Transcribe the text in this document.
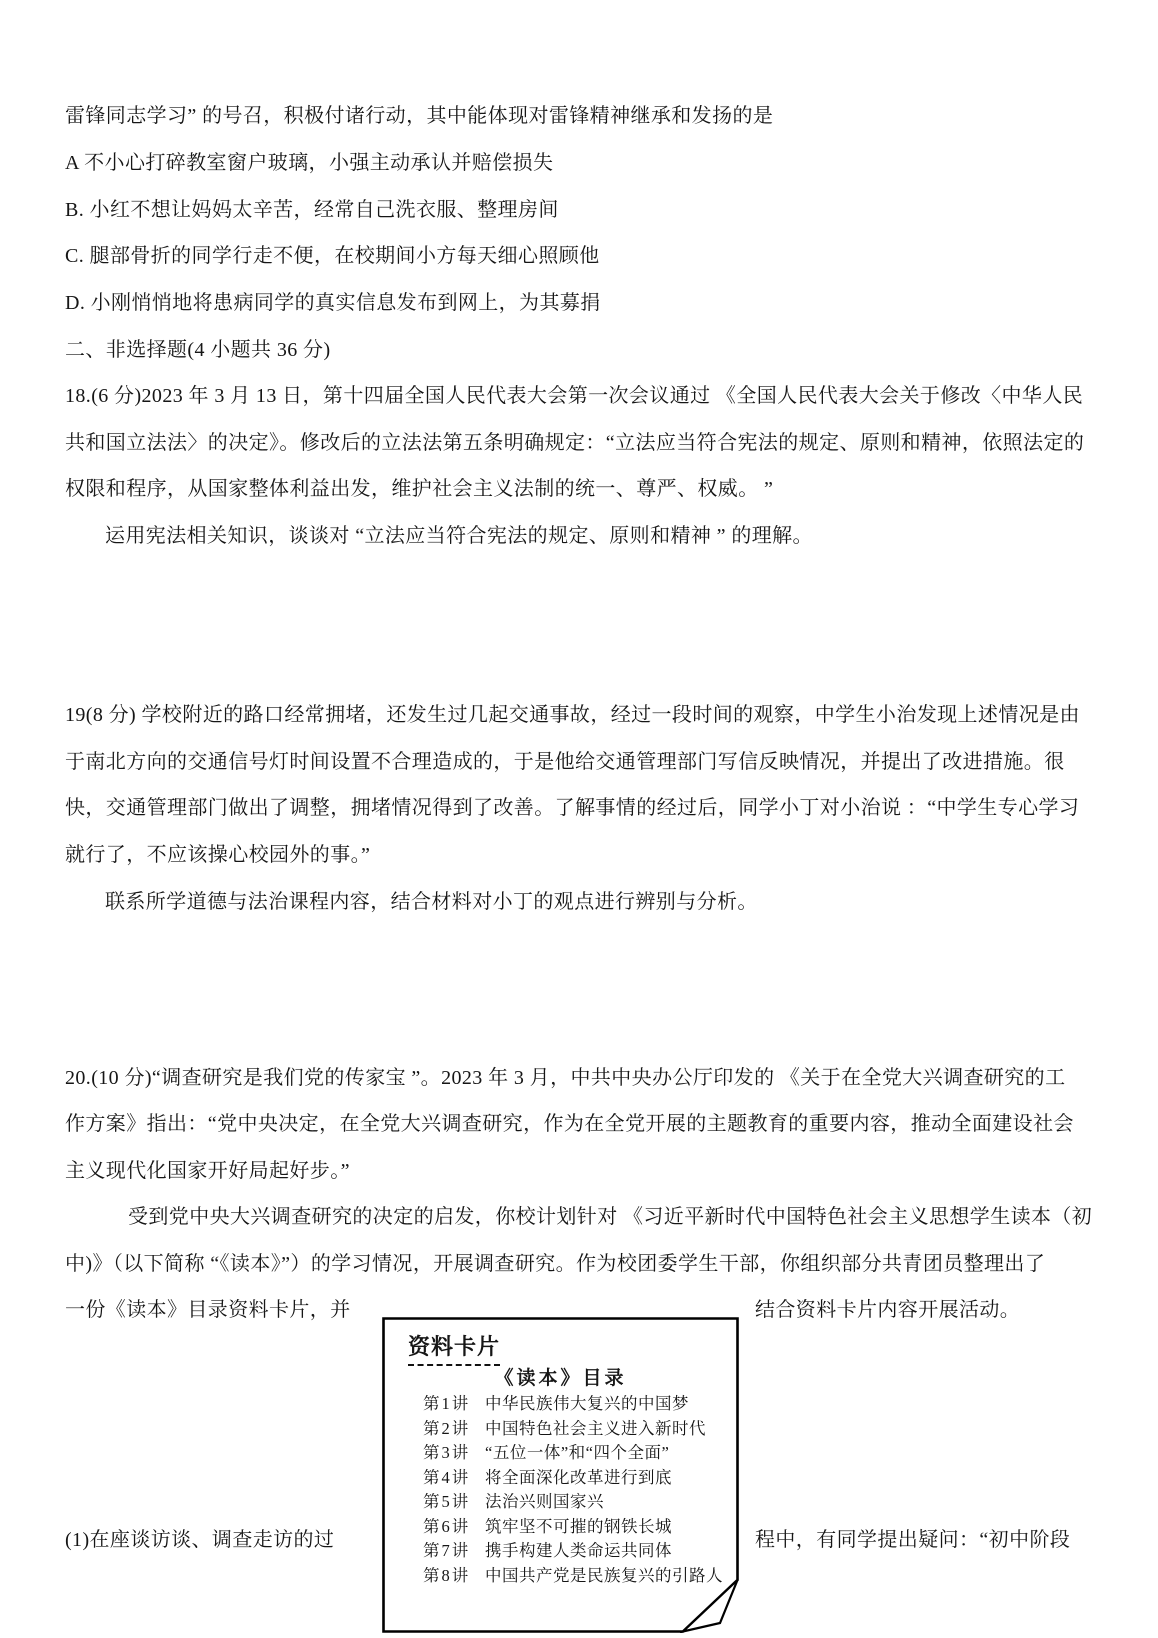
雷锋同志学习” 的号召，积极付诸行动，其中能体现对雷锋精神继承和发扬的是
A 不小心打碎教室窗户玻璃，小强主动承认并赔偿损失
B. 小红不想让妈妈太辛苦，经常自己洗衣服、整理房间
C. 腿部骨折的同学行走不便，在校期间小方每天细心照顾他
D. 小刚悄悄地将患病同学的真实信息发布到网上，为其募捐
二、非选择题(4 小题共 36 分)
18.(6 分)2023 年 3 月 13 日，第十四届全国人民代表大会第一次会议通过 《全国人民代表大会关于修改〈中华人民
共和国立法法〉的决定》。修改后的立法法第五条明确规定：“立法应当符合宪法的规定、原则和精神，依照法定的
权限和程序，从国家整体利益出发，维护社会主义法制的统一、尊严、权威。 ”
运用宪法相关知识，谈谈对 “立法应当符合宪法的规定、原则和精神 ” 的理解。
19(8 分) 学校附近的路口经常拥堵，还发生过几起交通事故，经过一段时间的观察，中学生小治发现上述情况是由
于南北方向的交通信号灯时间设置不合理造成的，于是他给交通管理部门写信反映情况，并提出了改进措施。很
快，交通管理部门做出了调整，拥堵情况得到了改善。了解事情的经过后，同学小丁对小治说 ：“中学生专心学习
就行了，不应该操心校园外的事。”
联系所学道德与法治课程内容，结合材料对小丁的观点进行辨别与分析。
20.(10 分)“调查研究是我们党的传家宝 ”。2023 年 3 月，中共中央办公厅印发的 《关于在全党大兴调查研究的工
作方案》指出：“党中央决定，在全党大兴调查研究，作为在全党开展的主题教育的重要内容，推动全面建设社会
主义现代化国家开好局起好步。”
受到党中央大兴调查研究的决定的启发，你校计划针对 《习近平新时代中国特色社会主义思想学生读本（初
中)》（以下简称 “《读本》”）的学习情况，开展调查研究。作为校团委学生干部，你组织部分共青团员整理出了
一份《读本》目录资料卡片，并	结合资料卡片内容开展活动。
(1)在座谈访谈、调查走访的过	程中，有同学提出疑问：“初中阶段
资料卡片
《读本》目录
第1讲 中华民族伟大复兴的中国梦
第2讲 中国特色社会主义进入新时代
第3讲 “五位一体”和“四个全面”
第4讲 将全面深化改革进行到底
第5讲 法治兴则国家兴
第6讲 筑牢坚不可摧的钢铁长城
第7讲 携手构建人类命运共同体
第8讲 中国共产党是民族复兴的引路人
